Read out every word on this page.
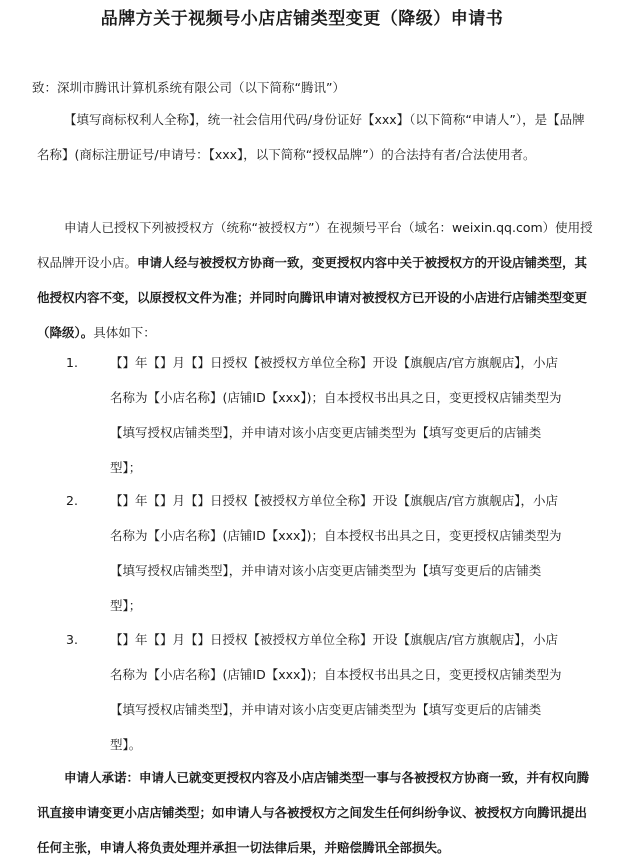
品牌方关于视频号小店店铺类型变更（降级）申请书
致：深圳市腾讯计算机系统有限公司（以下简称“腾讯”）
【填写商标权利人全称】，统一社会信用代码/身份证好【xxx】（以下简称“申请人”），是【品牌名称】(商标注册证号/申请号：【xxx】，以下简称“授权品牌”）的合法持有者/合法使用者。
申请人已授权下列被授权方（统称“被授权方”）在视频号平台（域名：weixin.qq.com）使用授权品牌开设小店。申请人经与被授权方协商一致，变更授权内容中关于被授权方的开设店铺类型，其他授权内容不变，以原授权文件为准；并同时向腾讯申请对被授权方已开设的小店进行店铺类型变更（降级）。具体如下：
1.	【】年【】月【】日授权【被授权方单位全称】开设【旗舰店/官方旗舰店】，小店名称为【小店名称】(店铺ID【xxx】)；自本授权书出具之日，变更授权店铺类型为【填写授权店铺类型】，并申请对该小店变更店铺类型为【填写变更后的店铺类型】；
2.	【】年【】月【】日授权【被授权方单位全称】开设【旗舰店/官方旗舰店】，小店名称为【小店名称】(店铺ID【xxx】)；自本授权书出具之日，变更授权店铺类型为【填写授权店铺类型】，并申请对该小店变更店铺类型为【填写变更后的店铺类型】；
3.	【】年【】月【】日授权【被授权方单位全称】开设【旗舰店/官方旗舰店】，小店名称为【小店名称】(店铺ID【xxx】)；自本授权书出具之日，变更授权店铺类型为【填写授权店铺类型】，并申请对该小店变更店铺类型为【填写变更后的店铺类型】。
申请人承诺：申请人已就变更授权内容及小店店铺类型一事与各被授权方协商一致，并有权向腾讯直接申请变更小店店铺类型；如申请人与各被授权方之间发生任何纠纷争议、被授权方向腾讯提出任何主张，申请人将负责处理并承担一切法律后果，并赔偿腾讯全部损失。
